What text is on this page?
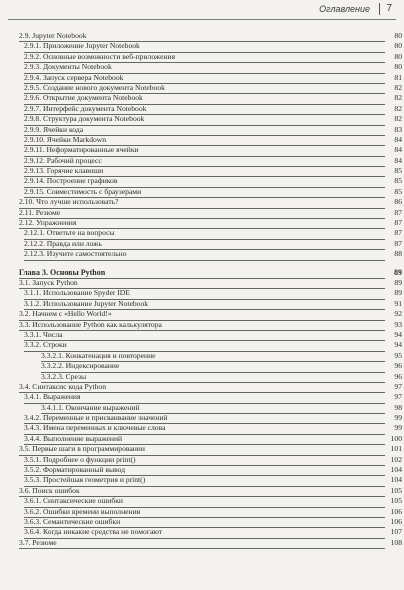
Оглавление 7
2.9. Jupyter Notebook	80
2.9.1. Приложение Jupyter Notebook	80
2.9.2. Основные возможности веб-приложения	80
2.9.3. Документы Notebook	80
2.9.4. Запуск сервера Notebook	81
2.9.5. Создание нового документа Notebook	82
2.9.6. Открытие документа Notebook	82
2.9.7. Интерфейс документа Notebook	82
2.9.8. Структура документа Notebook	82
2.9.9. Ячейки кода	83
2.9.10. Ячейки Markdown	84
2.9.11. Неформатированные ячейки	84
2.9.12. Рабочий процесс	84
2.9.13. Горячие клавиши	85
2.9.14. Построение графиков	85
2.9.15. Совместимость с браузерами	85
2.10. Что лучше использовать?	86
2.11. Резюме	87
2.12. Упражнения	87
2.12.1. Ответьте на вопросы	87
2.12.2. Правда или ложь	87
2.12.3. Изучите самостоятельно	88
Глава 3. Основы Python	89
3.1. Запуск Python	89
3.1.1. Использование Spyder IDE	89
3.1.2. Использование Jupyter Notebook	91
3.2. Начнем с «Hello World!»	92
3.3. Использование Python как калькулятора	93
3.3.1. Числа	94
3.3.2. Строки	94
3.3.2.1. Конкатенация и повторение	95
3.3.2.2. Индексирование	96
3.3.2.3. Срезы	96
3.4. Синтаксис кода Python	97
3.4.1. Выражения	97
3.4.1.1. Окончание выражений	98
3.4.2. Переменные и присваивание значений	99
3.4.3. Имена переменных и ключевые слова	99
3.4.4. Выполнение выражений	100
3.5. Первые шаги в программировании	101
3.5.1. Подробнее о функции print()	102
3.5.2. Форматированный вывод	104
3.5.3. Простейшая геометрия и print()	104
3.6. Поиск ошибок	105
3.6.1. Синтаксические ошибки	105
3.6.2. Ошибки времени выполнения	106
3.6.3. Семантические ошибки	106
3.6.4. Когда никакие средства не помогают	107
3.7. Резюме	108
